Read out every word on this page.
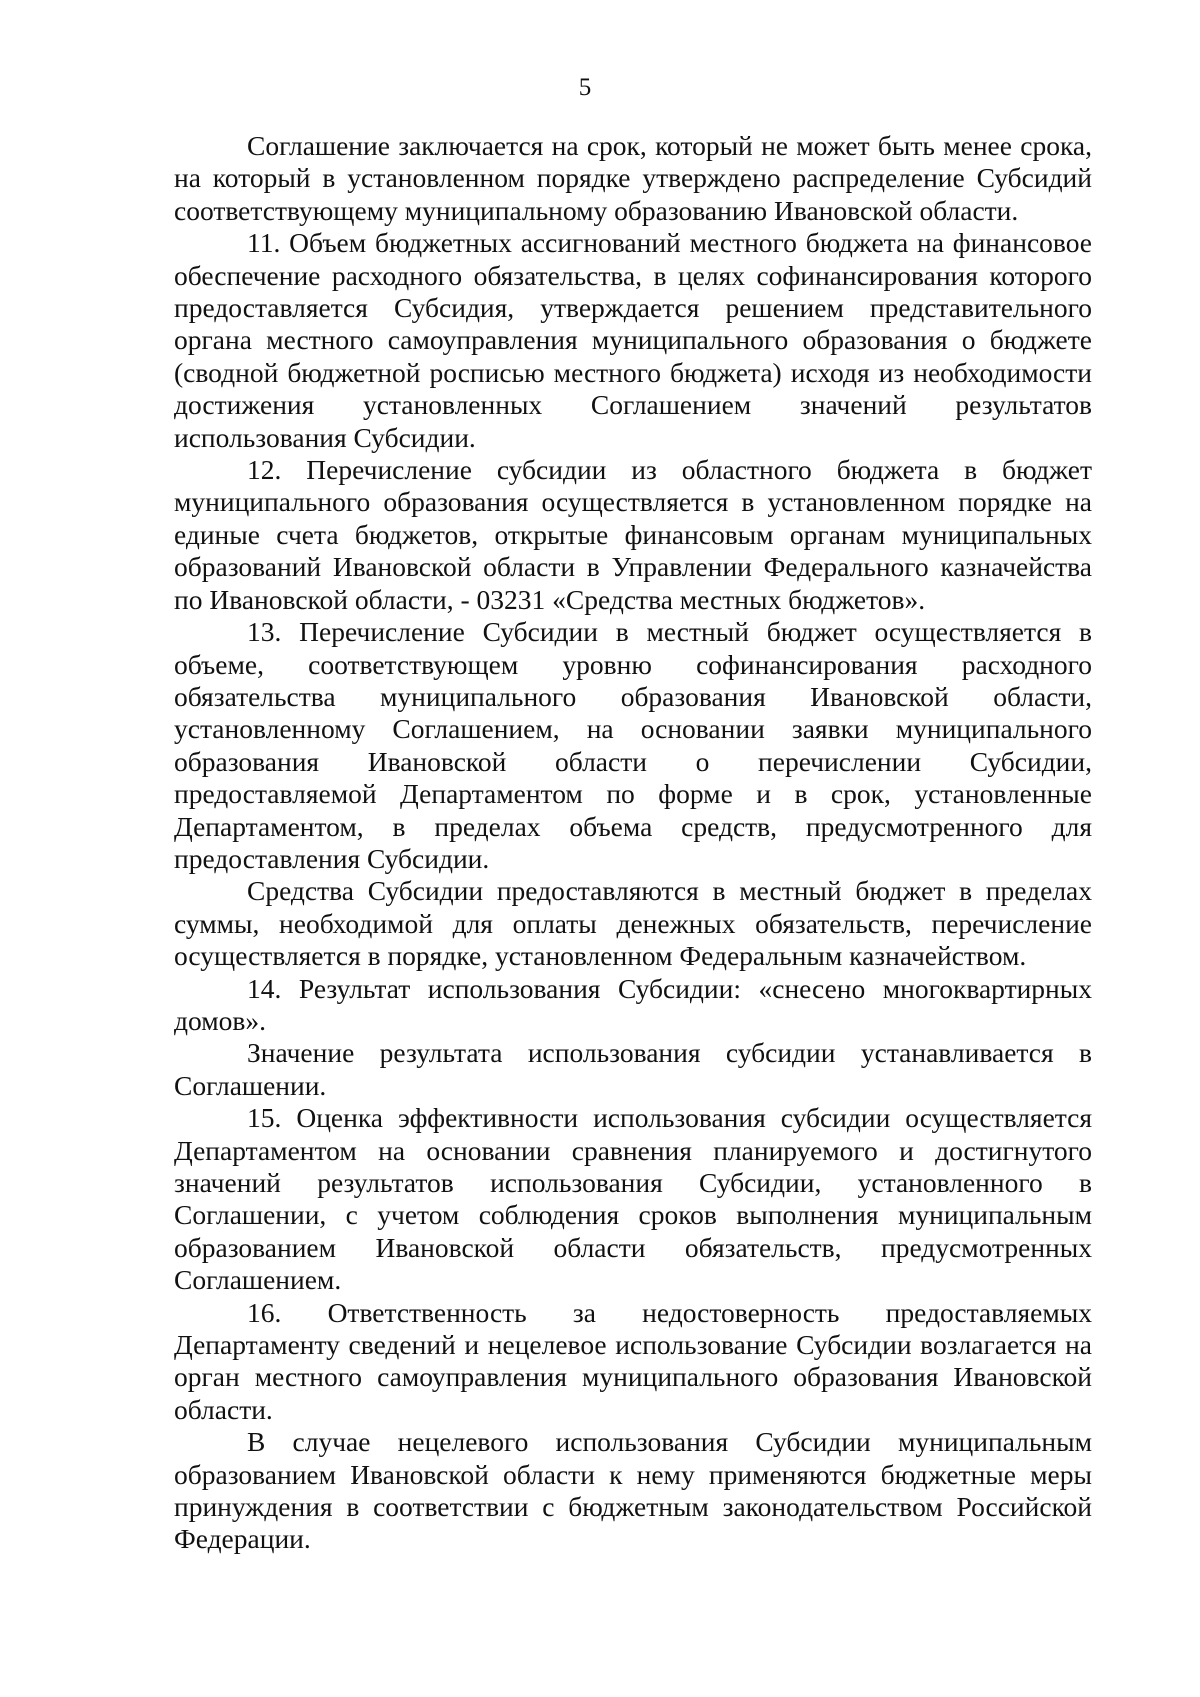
5

Соглашение заключается на срок, который не может быть менее срока, на который в установленном порядке утверждено распределение Субсидий соответствующему муниципальному образованию Ивановской области.

11. Объем бюджетных ассигнований местного бюджета на финансовое обеспечение расходного обязательства, в целях софинансирования которого предоставляется Субсидия, утверждается решением представительного органа местного самоуправления муниципального образования о бюджете (сводной бюджетной росписью местного бюджета) исходя из необходимости достижения установленных Соглашением значений результатов использования Субсидии.

12. Перечисление субсидии из областного бюджета в бюджет муниципального образования осуществляется в установленном порядке на единые счета бюджетов, открытые финансовым органам муниципальных образований Ивановской области в Управлении Федерального казначейства по Ивановской области, - 03231 «Средства местных бюджетов».

13. Перечисление Субсидии в местный бюджет осуществляется в объеме, соответствующем уровню софинансирования расходного обязательства муниципального образования Ивановской области, установленному Соглашением, на основании заявки муниципального образования Ивановской области о перечислении Субсидии, предоставляемой Департаментом по форме и в срок, установленные Департаментом, в пределах объема средств, предусмотренного для предоставления Субсидии.

Средства Субсидии предоставляются в местный бюджет в пределах суммы, необходимой для оплаты денежных обязательств, перечисление осуществляется в порядке, установленном Федеральным казначейством.

14. Результат использования Субсидии: «снесено многоквартирных домов».

Значение результата использования субсидии устанавливается в Соглашении.

15. Оценка эффективности использования субсидии осуществляется Департаментом на основании сравнения планируемого и достигнутого значений результатов использования Субсидии, установленного в Соглашении, с учетом соблюдения сроков выполнения муниципальным образованием Ивановской области обязательств, предусмотренных Соглашением.

16. Ответственность за недостоверность предоставляемых Департаменту сведений и нецелевое использование Субсидии возлагается на орган местного самоуправления муниципального образования Ивановской области.

В случае нецелевого использования Субсидии муниципальным образованием Ивановской области к нему применяются бюджетные меры принуждения в соответствии с бюджетным законодательством Российской Федерации.
